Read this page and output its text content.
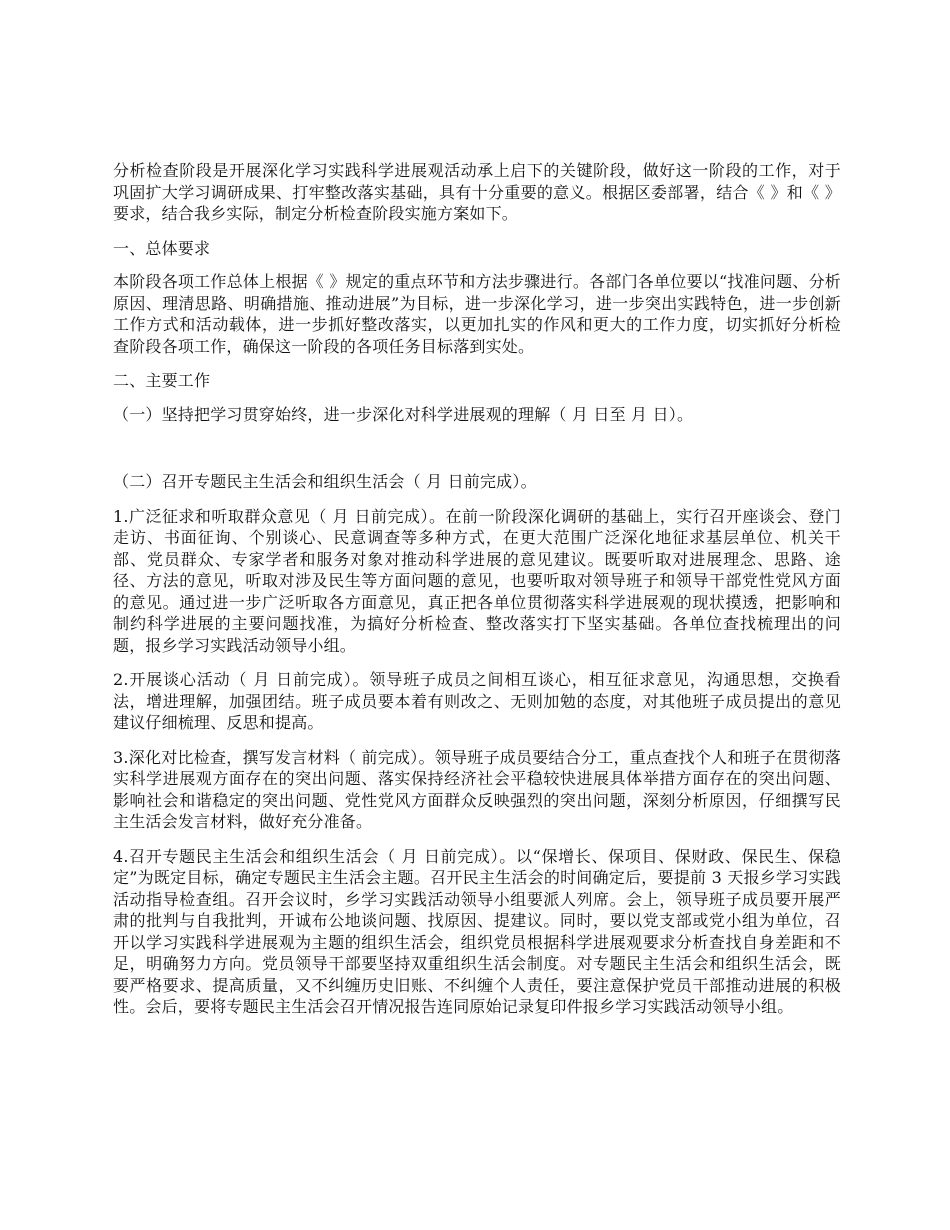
分析检查阶段是开展深化学习实践科学进展观活动承上启下的关键阶段，做好这一阶段的工作，对于巩固扩大学习调研成果、打牢整改落实基础，具有十分重要的意义。根据区委部署，结合《 》和《 》要求，结合我乡实际，制定分析检查阶段实施方案如下。

一、总体要求

本阶段各项工作总体上根据《 》规定的重点环节和方法步骤进行。各部门各单位要以“找准问题、分析原因、理清思路、明确措施、推动进展”为目标，进一步深化学习，进一步突出实践特色，进一步创新工作方式和活动载体，进一步抓好整改落实，以更加扎实的作风和更大的工作力度，切实抓好分析检查阶段各项工作，确保这一阶段的各项任务目标落到实处。

二、主要工作

（一）坚持把学习贯穿始终，进一步深化对科学进展观的理解（ 月 日至 月 日）。

（二）召开专题民主生活会和组织生活会（ 月 日前完成）。

1.广泛征求和听取群众意见（ 月 日前完成）。在前一阶段深化调研的基础上，实行召开座谈会、登门走访、书面征询、个别谈心、民意调查等多种方式，在更大范围广泛深化地征求基层单位、机关干部、党员群众、专家学者和服务对象对推动科学进展的意见建议。既要听取对进展理念、思路、途径、方法的意见，听取对涉及民生等方面问题的意见，也要听取对领导班子和领导干部党性党风方面的意见。通过进一步广泛听取各方面意见，真正把各单位贯彻落实科学进展观的现状摸透，把影响和制约科学进展的主要问题找准，为搞好分析检查、整改落实打下坚实基础。各单位查找梳理出的问题，报乡学习实践活动领导小组。

2.开展谈心活动（ 月 日前完成）。领导班子成员之间相互谈心，相互征求意见，沟通思想，交换看法，增进理解，加强团结。班子成员要本着有则改之、无则加勉的态度，对其他班子成员提出的意见建议仔细梳理、反思和提高。

3.深化对比检查，撰写发言材料（ 前完成）。领导班子成员要结合分工，重点查找个人和班子在贯彻落实科学进展观方面存在的突出问题、落实保持经济社会平稳较快进展具体举措方面存在的突出问题、影响社会和谐稳定的突出问题、党性党风方面群众反映强烈的突出问题，深刻分析原因，仔细撰写民主生活会发言材料，做好充分准备。

4.召开专题民主生活会和组织生活会（ 月 日前完成）。以“保增长、保项目、保财政、保民生、保稳定”为既定目标，确定专题民主生活会主题。召开民主生活会的时间确定后，要提前 3 天报乡学习实践活动指导检查组。召开会议时，乡学习实践活动领导小组要派人列席。会上，领导班子成员要开展严肃的批判与自我批判，开诚布公地谈问题、找原因、提建议。同时，要以党支部或党小组为单位，召开以学习实践科学进展观为主题的组织生活会，组织党员根据科学进展观要求分析查找自身差距和不足，明确努力方向。党员领导干部要坚持双重组织生活会制度。对专题民主生活会和组织生活会，既要严格要求、提高质量，又不纠缠历史旧账、不纠缠个人责任，要注意保护党员干部推动进展的积极性。会后，要将专题民主生活会召开情况报告连同原始记录复印件报乡学习实践活动领导小组。
